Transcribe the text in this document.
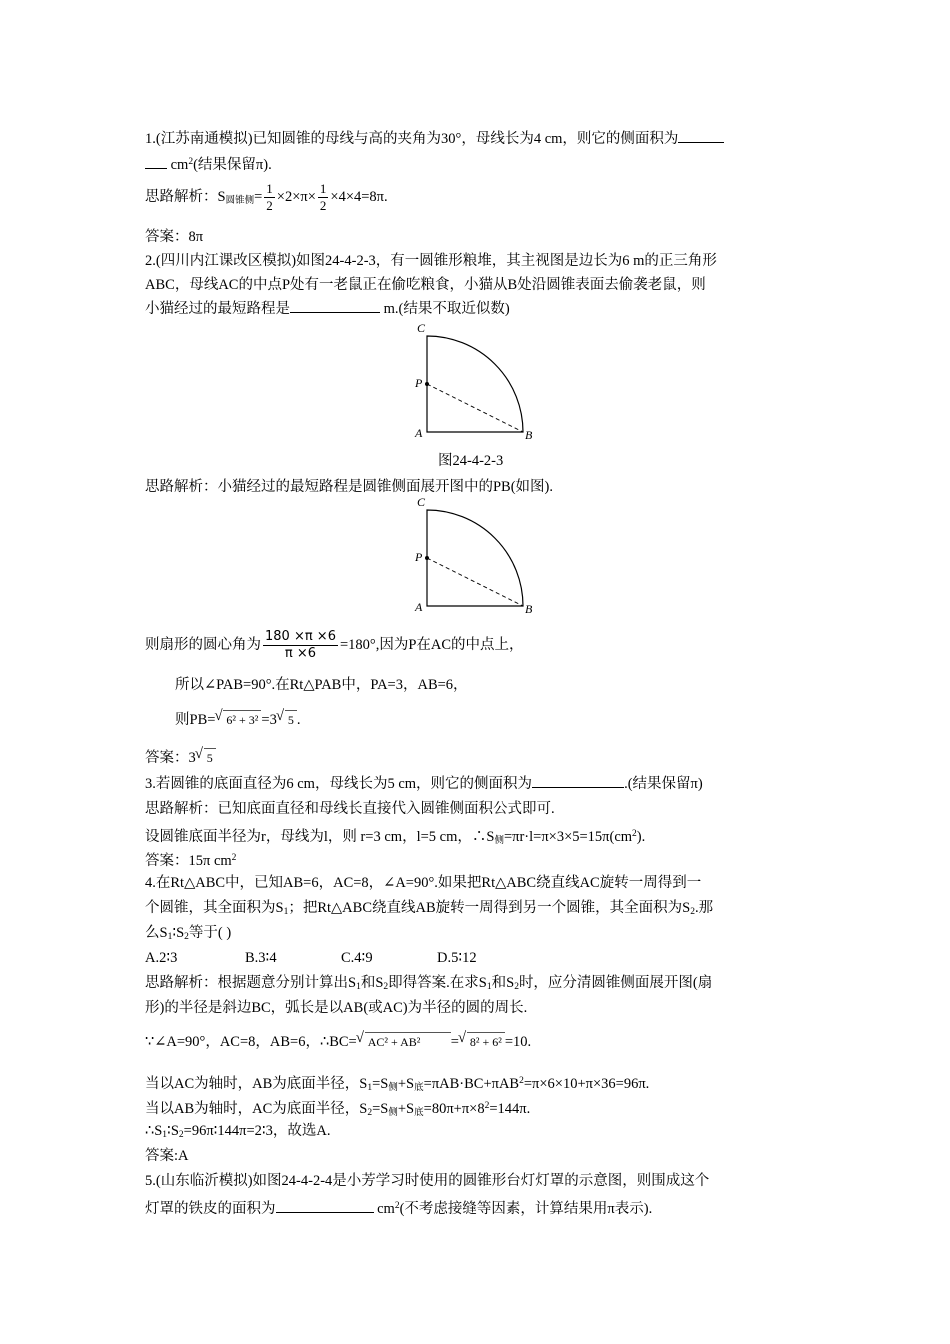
1.(江苏南通模拟)已知圆锥的母线与高的夹角为30°，母线长为4 cm，则它的侧面积为
$cm^2$(结果保留π).
思路解析：$S_{圆锥侧}= \frac{1}{2} \times 2\times\pi\times \frac{1}{2} \times 4\times 4=8\pi$.
答案：8π
2.(四川内江课改区模拟)如图24-4-2-3，有一圆锥形粮堆，其主视图是边长为6 m的正三角形
ABC，母线AC的中点P处有一老鼠正在偷吃粮食，小猫从B处沿圆锥表面去偷袭老鼠，则
小猫经过的最短路程是	m.(结果不取近似数)
C
P
A	B
图24-4-2-3
思路解析：小猫经过的最短路程是圆锥侧面展开图中的PB(如图).
C
P
A	B
则扇形的圆心角为 $\frac{180 \times\pi \times 6}{\pi \times 6} =180^\circ$,因为P在AC的中点上，
所以∠PAB=90°.在Rt△PAB中，PA=3，AB=6，
则PB= √ 6² + 3² =3 √ 5 .
答案：3 √ 5
3.若圆锥的底面直径为6 cm，母线长为5 cm，则它的侧面积为	.(结果保留π)
思路解析：已知底面直径和母线长直接代入圆锥侧面积公式即可.
设圆锥底面半径为r，母线为l，则 r=3 cm，l=5 cm，$\therefore S_侧=\pi r\cdot l=\pi\times 3\times 5=15\pi(cm^2)$.
答案：15π $cm^2$
4.在Rt△ABC中，已知AB=6，AC=8，∠A=90°.如果把Rt△ABC绕直线AC旋转一周得到一
个圆锥，其全面积为$S_1$；把Rt△ABC绕直线AB旋转一周得到另一个圆锥，其全面积为$S_2$.那
么$S_1∶S_2$等于( )
A.2∶3	B.3∶4	C.4∶9	D.5∶12
思路解析：根据题意分别计算出$S_1$和$S_2$即得答案.在求$S_1$和$S_2$时，应分清圆锥侧面展开图(扇
形)的半径是斜边BC，弧长是以AB(或AC)为半径的圆的周长.
∵∠A=90°，AC=8，AB=6，∴BC= √ AC² + AB² = √ 8² + 6² =10.
当以AC为轴时，AB为底面半径，$S_1=S_侧+S_底=\pi AB\cdot BC+\pi AB^2=\pi\times 6\times 10+\pi\times 36=96\pi$.
当以AB为轴时，AC为底面半径，$S_2=S_侧+S_底=80\pi+\pi\times 8^2=144\pi$.
$\therefore S_1∶S_2=96\pi∶144\pi=2∶3$，故选A.
答案:A
5.(山东临沂模拟)如图24-4-2-4是小芳学习时使用的圆锥形台灯灯罩的示意图，则围成这个
灯罩的铁皮的面积为	$cm^2$(不考虑接缝等因素，计算结果用π表示).
